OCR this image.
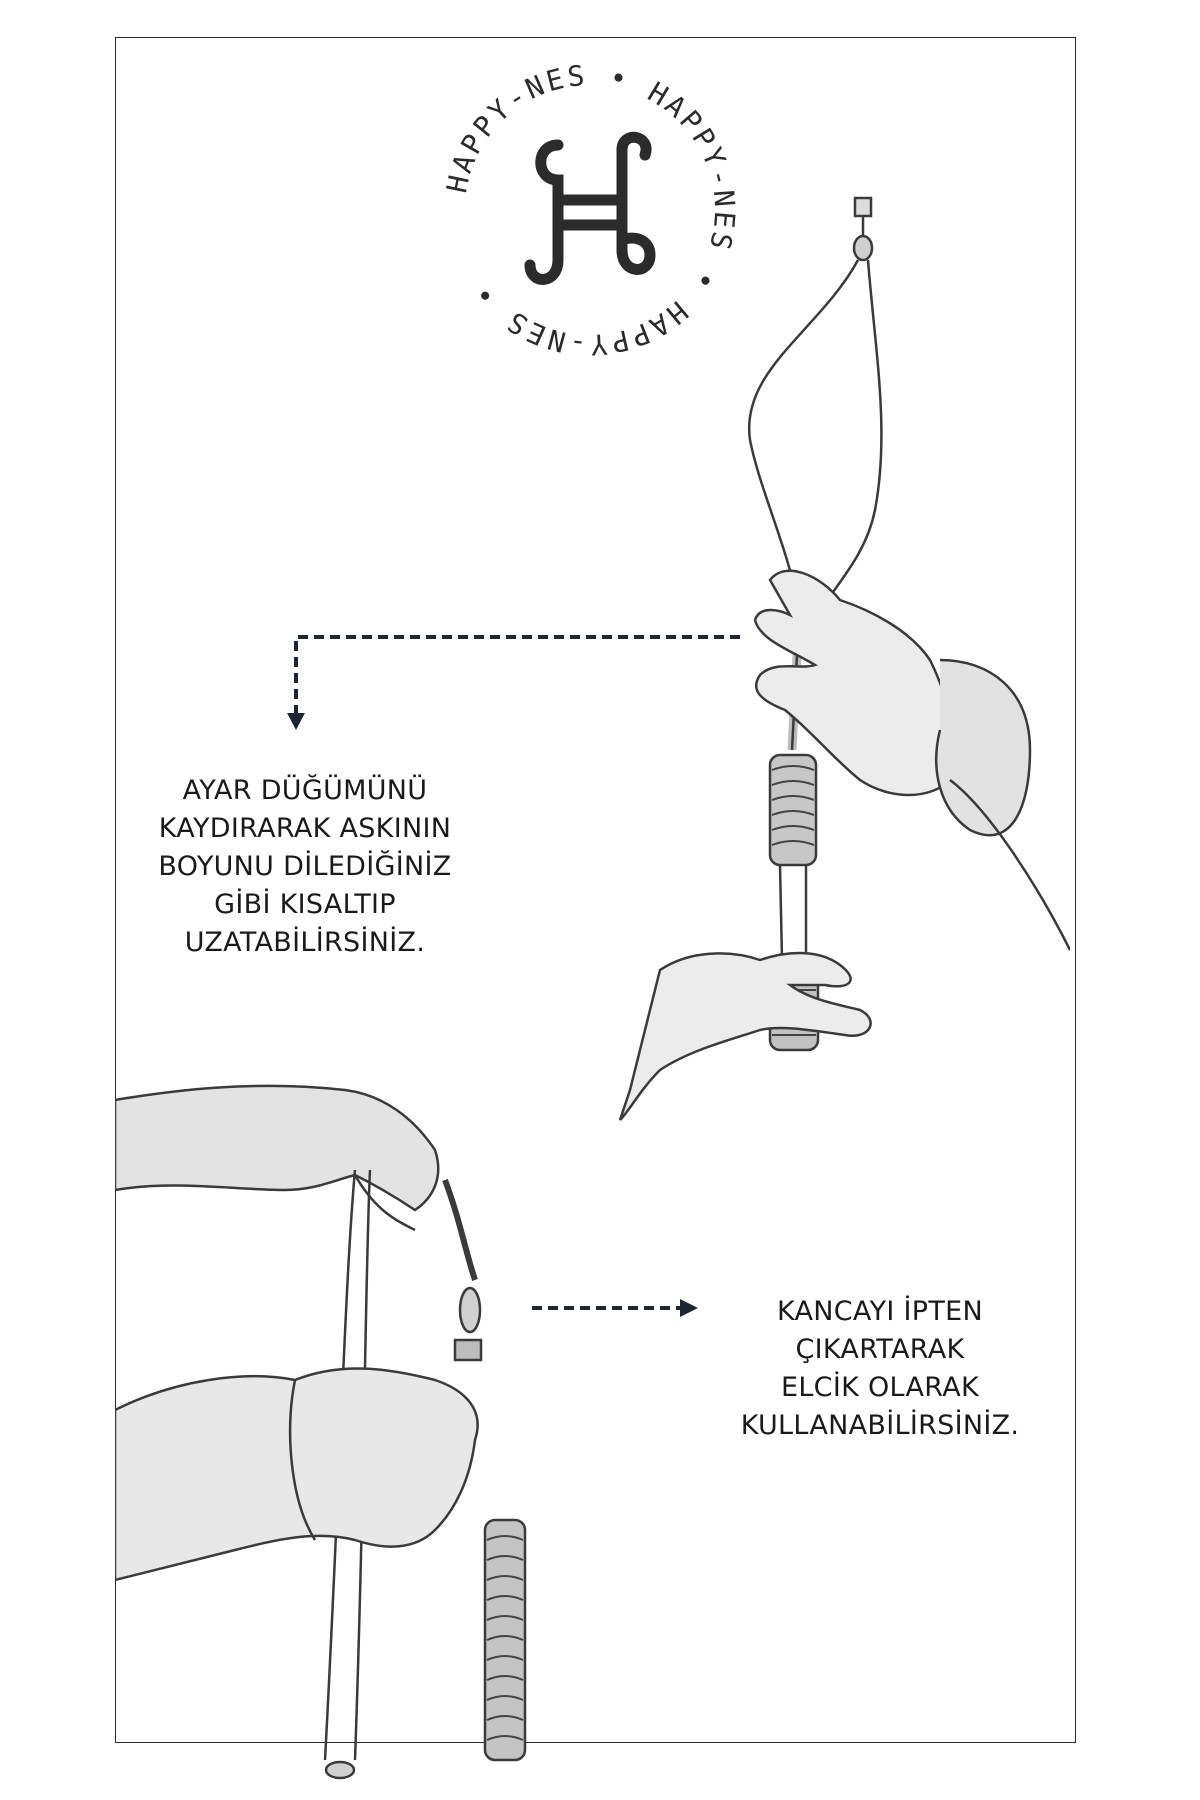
HAPPY-NES • HAPPY-NES • HAPPY-NES •
AYAR DÜĞÜMÜNÜ
KAYDIRARAK ASKININ
BOYUNU DİLEDİĞİNİZ
GİBİ KISALTIP
UZATABİLİRSİNİZ.
KANCAYI İPTEN
ÇIKARTARAK
ELCİK OLARAK
KULLANABİLİRSİNİZ.
